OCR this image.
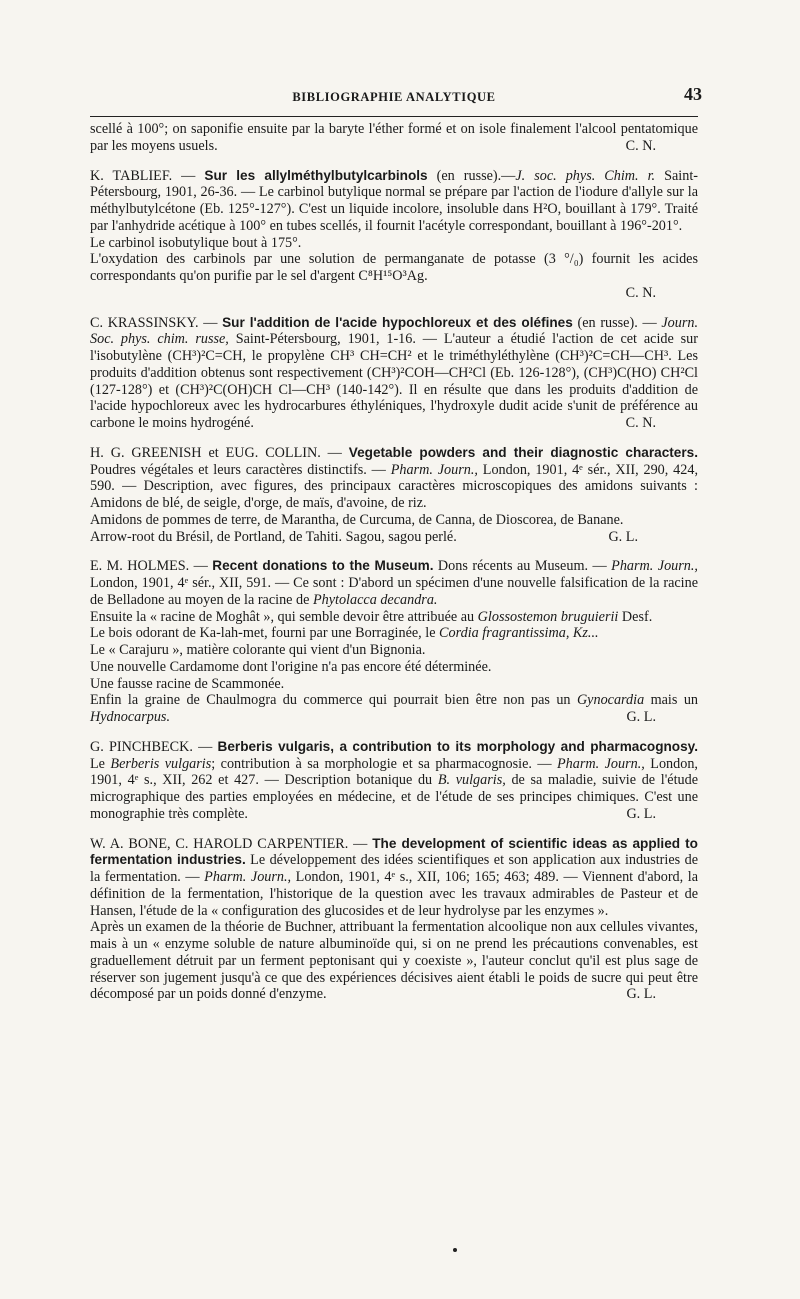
BIBLIOGRAPHIE ANALYTIQUE	43

scellé à 100°; on saponifie ensuite par la baryte l'éther formé et on isole finalement l'alcool pentatomique par les moyens usuels.	C. N.

K. TABLIEF. — Sur les allylméthylbutylcarbinols (en russe).—J. soc. phys. Chim. r. Saint-Pétersbourg, 1901, 26-36. — Le carbinol butylique normal se prépare par l'action de l'iodure d'allyle sur la méthylbutylcétone (Eb. 125°-127°). C'est un liquide incolore, insoluble dans H²O, bouillant à 179°. Traité par l'anhydride acétique à 100° en tubes scellés, il fournit l'acétyle correspondant, bouillant à 196°-201°.

Le carbinol isobutylique bout à 175°.

L'oxydation des carbinols par une solution de permanganate de potasse (3 °/₀) fournit les acides correspondants qu'on purifie par le sel d'argent C⁸H¹⁵O³Ag.

C. N.

C. KRASSINSKY. — Sur l'addition de l'acide hypochloreux et des oléfines (en russe). — Journ. Soc. phys. chim. russe, Saint-Pétersbourg, 1901, 1-16. — L'auteur a étudié l'action de cet acide sur l'isobutylène (CH³)²C=CH, le propylène CH³ CH=CH² et le triméthyléthylène (CH³)²C=CH—CH³. Les produits d'addition obtenus sont respectivement (CH³)²COH—CH²Cl (Eb. 126-128°), (CH³)C(HO) CH²Cl (127-128°) et (CH³)²C(OH)CH Cl—CH³ (140-142°). Il en résulte que dans les produits d'addition de l'acide hypochloreux avec les hydrocarbures éthyléniques, l'hydroxyle dudit acide s'unit de préférence au carbone le moins hydrogéné.	C. N.

H. G. GREENISH et EUG. COLLIN. — Vegetable powders and their diagnostic characters. Poudres végétales et leurs caractères distinctifs. — Pharm. Journ., London, 1901, 4ᵉ sér., XII, 290, 424, 590. — Description, avec figures, des principaux caractères microscopiques des amidons suivants : Amidons de blé, de seigle, d'orge, de maïs, d'avoine, de riz.

Amidons de pommes de terre, de Marantha, de Curcuma, de Canna, de Dioscorea, de Banane.

Arrow-root du Brésil, de Portland, de Tahiti. Sagou, sagou perlé.	G. L.

E. M. HOLMES. — Recent donations to the Museum. Dons récents au Museum. — Pharm. Journ., London, 1901, 4ᵉ sér., XII, 591. — Ce sont : D'abord un spécimen d'une nouvelle falsification de la racine de Belladone au moyen de la racine de Phytolacca decandra.

Ensuite la « racine de Moghât », qui semble devoir être attribuée au Glossostemon bruguierii Desf.

Le bois odorant de Ka-lah-met, fourni par une Borraginée, le Cordia fragrantissima, Kz...

Le « Carajuru », matière colorante qui vient d'un Bignonia.

Une nouvelle Cardamome dont l'origine n'a pas encore été déterminée.

Une fausse racine de Scammonée.

Enfin la graine de Chaulmogra du commerce qui pourrait bien être non pas un Gynocardia mais un Hydnocarpus.	G. L.

G. PINCHBECK. — Berberis vulgaris, a contribution to its morphology and pharmacognosy. Le Berberis vulgaris; contribution à sa morphologie et sa pharmacognosie. — Pharm. Journ., London, 1901, 4ᵉ s., XII, 262 et 427. — Description botanique du B. vulgaris, de sa maladie, suivie de l'étude micrographique des parties employées en médecine, et de l'étude de ses principes chimiques. C'est une monographie très complète.	G. L.

W. A. BONE, C. HAROLD CARPENTIER. — The development of scientific ideas as applied to fermentation industries. Le développement des idées scientifiques et son application aux industries de la fermentation. — Pharm. Journ., London, 1901, 4ᵉ s., XII, 106; 165; 463; 489. — Viennent d'abord, la définition de la fermentation, l'historique de la question avec les travaux admirables de Pasteur et de Hansen, l'étude de la « configuration des glucosides et de leur hydrolyse par les enzymes ».

Après un examen de la théorie de Buchner, attribuant la fermentation alcoolique non aux cellules vivantes, mais à un « enzyme soluble de nature albuminoïde qui, si on ne prend les précautions convenables, est graduellement détruit par un ferment peptonisant qui y coexiste », l'auteur conclut qu'il est plus sage de réserver son jugement jusqu'à ce que des expériences décisives aient établi le poids de sucre qui peut être décomposé par un poids donné d'enzyme.	G. L.
